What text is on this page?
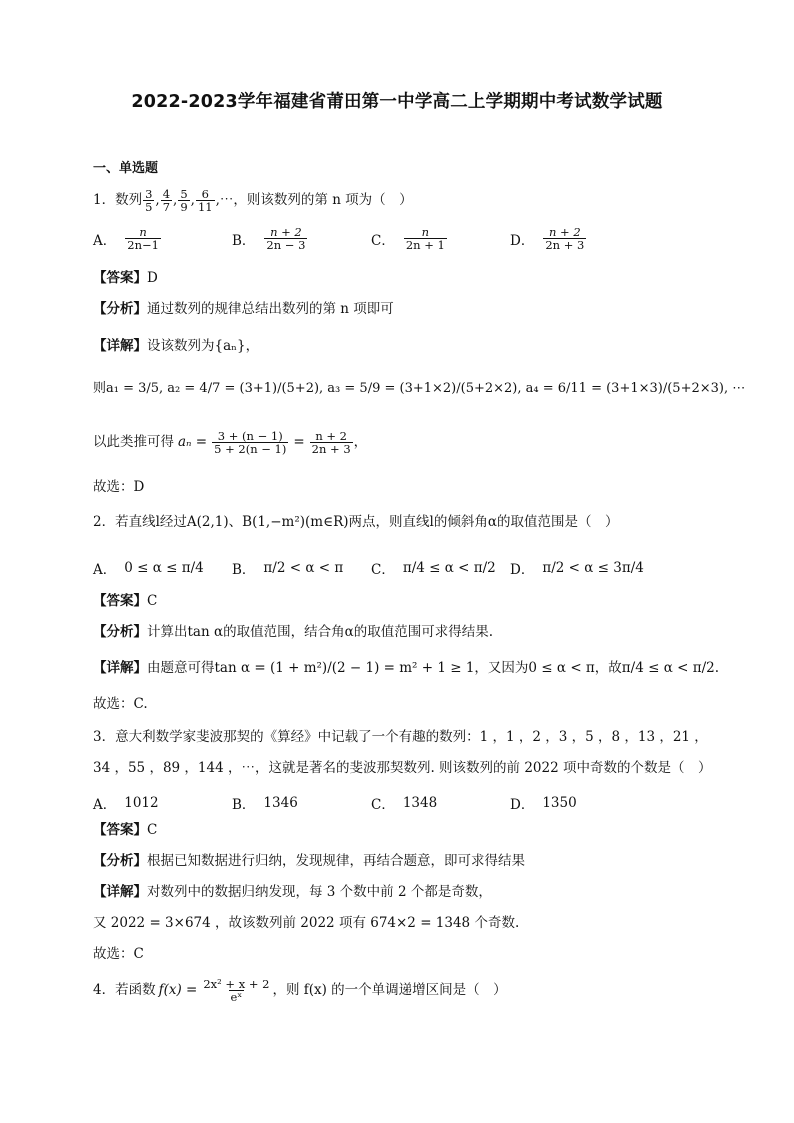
2022-2023学年福建省莆田第一中学高二上学期期中考试数学试题
一、单选题
1．数列 $\frac{3}{5}$ , $\frac{4}{7}$ , $\frac{5}{9}$ , $\frac{6}{11}$ ,⋯，则该数列的第 n 项为（　）
A． $\frac{n}{2n-1}$	B． $\frac{n + 2}{2n - 3}$	C． $\frac{n}{2n + 1}$	D． $\frac{n + 2}{2n + 3}$
【答案】D
【分析】通过数列的规律总结出数列的第 n 项即可
【详解】设该数列为{aₙ}，
则a₁ = 3/5, a₂ = 4/7 = (3+1)/(5+2), a₃ = 5/9 = (3+1×2)/(5+2×2), a₄ = 6/11 = (3+1×3)/(5+2×3), ⋯
以此类推可得 $a_n = \frac{3 + (n - 1)}{5 + 2(n - 1)} = \frac{n + 2}{2n + 3}$ ，
故选：D
2．若直线l经过A(2,1)、B(1,−m²)(m∈R)两点，则直线l的倾斜角α的取值范围是（　）
A． 0 ≤ α ≤ π/4 B． π/2 < α < π C． π/4 ≤ α < π/2 D． π/2 < α ≤ 3π/4
【答案】C
【分析】计算出tan α的取值范围，结合角α的取值范围可求得结果.
【详解】由题意可得tan α = (1 + m²)/(2 − 1) = m² + 1 ≥ 1，又因为0 ≤ α < π，故π/4 ≤ α < π/2.
故选：C.
3．意大利数学家斐波那契的《算经》中记载了一个有趣的数列：1 ，1 ，2 ，3 ，5 ，8 ，13 ，21 ，
34 ，55 ，89 ，144 ，⋯，这就是著名的斐波那契数列. 则该数列的前 2022 项中奇数的个数是（　）
A． 1012	B． 1346	C． 1348	D． 1350
【答案】C
【分析】根据已知数据进行归纳，发现规律，再结合题意，即可求得结果
【详解】对数列中的数据归纳发现，每 3 个数中前 2 个都是奇数，
又 2022 = 3×674 ，故该数列前 2022 项有 674×2 = 1348 个奇数.
故选：C
4．若函数 $f(x) = \frac{\text{2x² + x + 2}}{\text{eˣ}}$ ，则 f(x) 的一个单调递增区间是（　）
